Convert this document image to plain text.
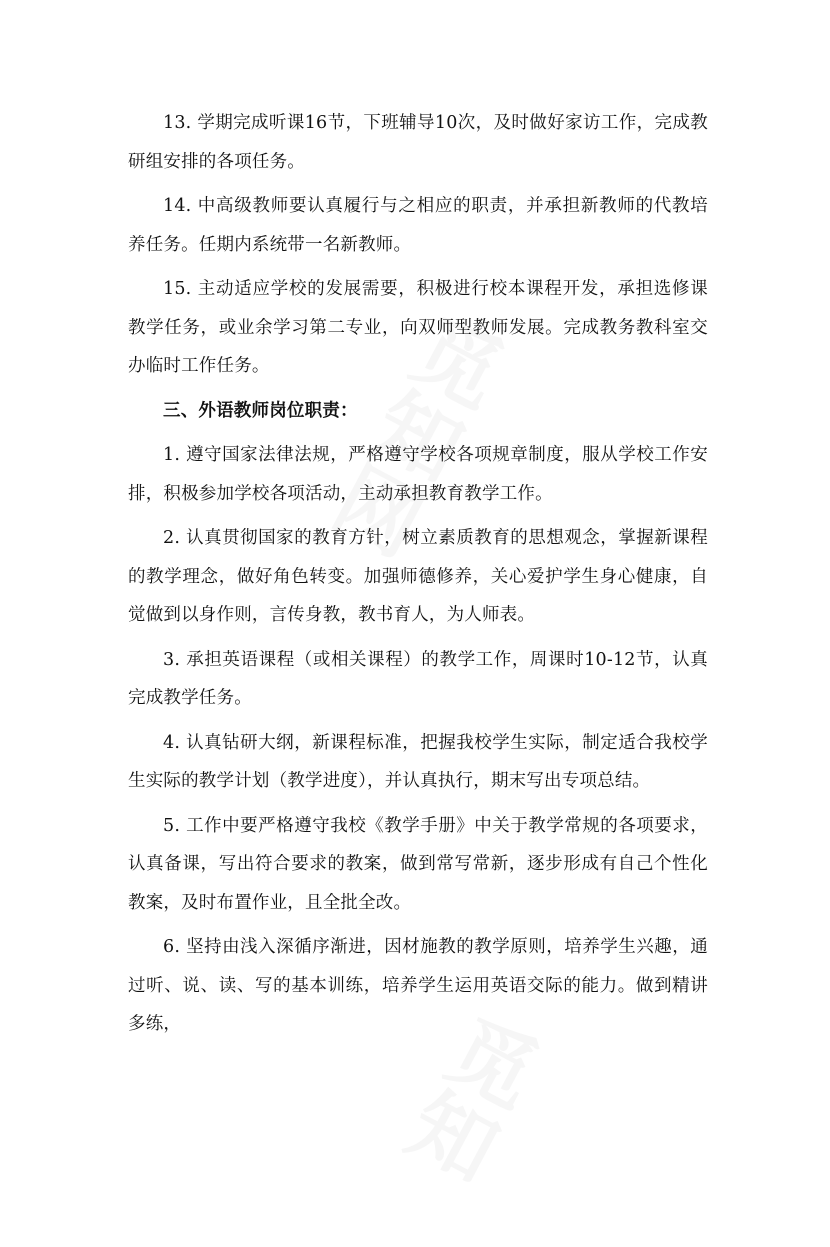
13. 学期完成听课16节，下班辅导10次，及时做好家访工作，完成教研组安排的各项任务。

14. 中高级教师要认真履行与之相应的职责，并承担新教师的代教培养任务。任期内系统带一名新教师。

15. 主动适应学校的发展需要，积极进行校本课程开发，承担选修课教学任务，或业余学习第二专业，向双师型教师发展。完成教务教科室交办临时工作任务。

三、外语教师岗位职责：

1. 遵守国家法律法规，严格遵守学校各项规章制度，服从学校工作安排，积极参加学校各项活动，主动承担教育教学工作。

2. 认真贯彻国家的教育方针，树立素质教育的思想观念，掌握新课程的教学理念，做好角色转变。加强师德修养，关心爱护学生身心健康，自觉做到以身作则，言传身教，教书育人，为人师表。

3. 承担英语课程（或相关课程）的教学工作，周课时10-12节，认真完成教学任务。

4. 认真钻研大纲，新课程标准，把握我校学生实际，制定适合我校学生实际的教学计划（教学进度），并认真执行，期末写出专项总结。

5. 工作中要严格遵守我校《教学手册》中关于教学常规的各项要求，认真备课，写出符合要求的教案，做到常写常新，逐步形成有自己个性化教案，及时布置作业，且全批全改。

6. 坚持由浅入深循序渐进，因材施教的教学原则，培养学生兴趣，通过听、说、读、写的基本训练，培养学生运用英语交际的能力。做到精讲多练，
